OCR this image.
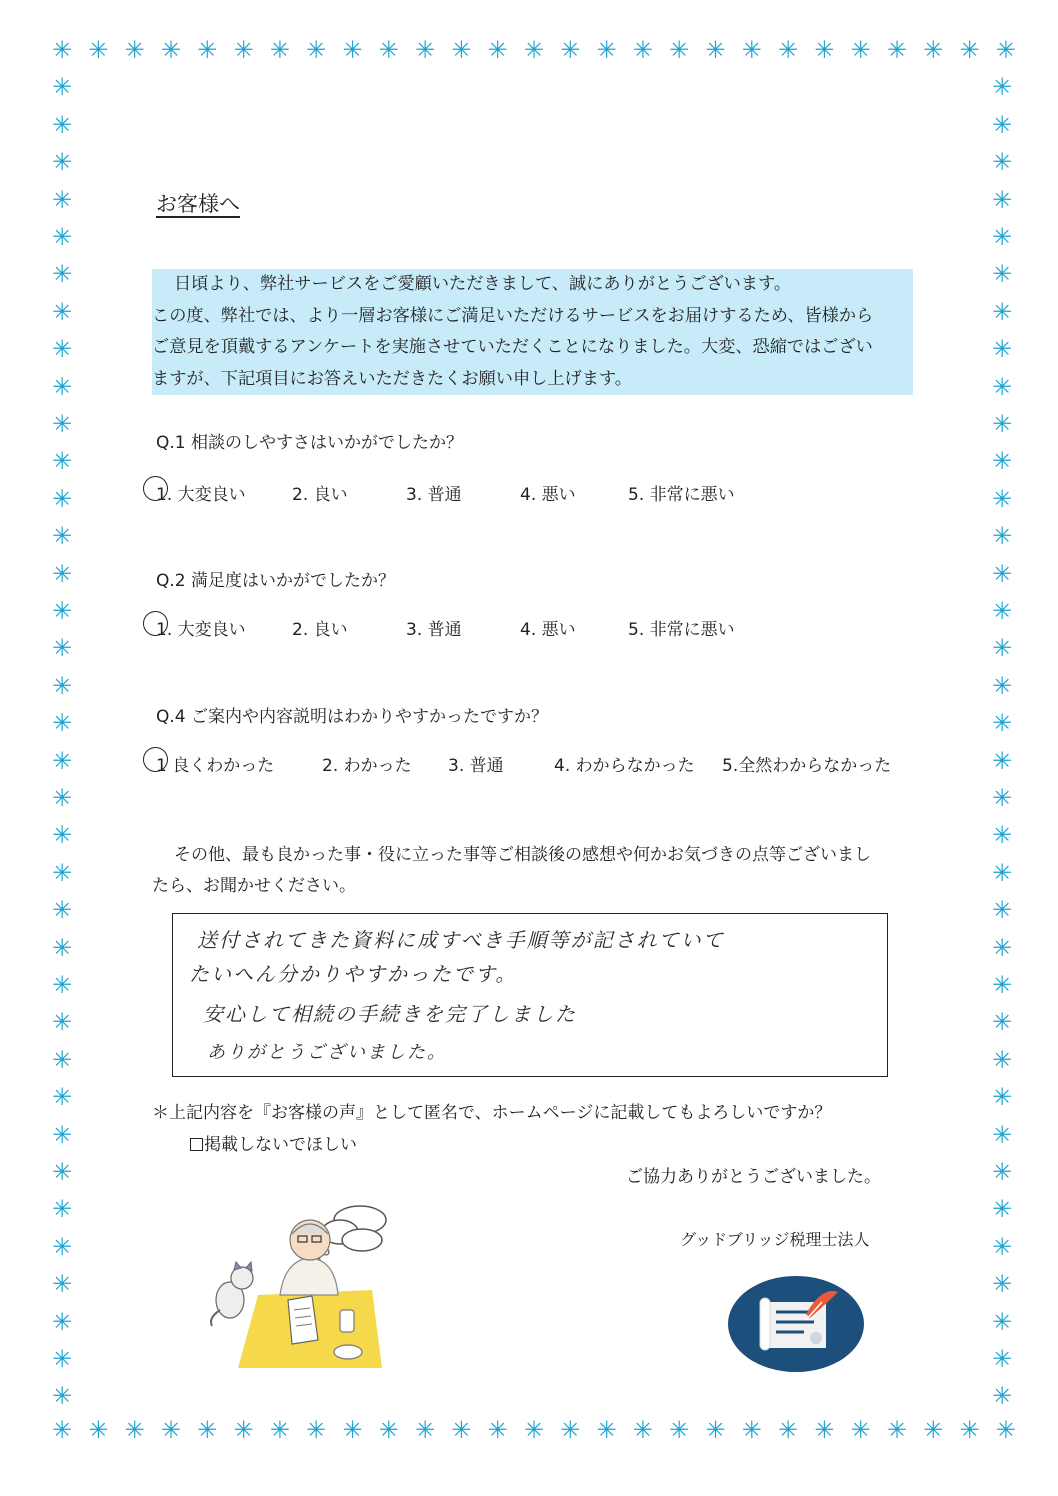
✳
✳
✳
✳
✳
✳
✳
✳
✳
✳
✳
✳
✳
✳
✳
✳
✳
✳
✳
✳
✳
✳
✳
✳
✳
✳
✳
✳
✳
✳
✳
✳
✳
✳
✳
✳
✳
✳
✳
✳
✳
✳
✳
✳
✳
✳
✳
✳
✳
✳
✳
✳
✳
✳
✳	✳
✳	✳
✳	✳
✳	✳
✳	✳
✳	✳
✳	✳
✳	✳
✳	✳
✳	✳
✳	✳
✳	✳
✳	✳
✳	✳
✳	✳
✳	✳
✳	✳
✳	✳
✳	✳
✳	✳
✳	✳
✳	✳
✳	✳
✳	✳
✳	✳
✳	✳
✳	✳
✳	✳
✳	✳
✳	✳
✳	✳
✳	✳
✳	✳
✳	✳
✳	✳
✳	✳
お客様へ

日頃より、弊社サービスをご愛顧いただきまして、誠にありがとうございます。

この度、弊社では、より一層お客様にご満足いただけるサービスをお届けするため、皆様から

ご意見を頂戴するアンケートを実施させていただくことになりました。大変、恐縮ではござい

ますが、下記項目にお答えいただきたくお願い申し上げます。

Q.1 相談のしやすさはいかがでしたか？
1. 大変良い	2. 良い	3. 普通	4. 悪い	5. 非常に悪い
Q.2 満足度はいかがでしたか？
1. 大変良い	2. 良い	3. 普通	4. 悪い	5. 非常に悪い
Q.4 ご案内や内容説明はわかりやすかったですか？
1 良くわかった	2. わかった 3. 普通	4. わからなかった 5.全然わからなかった
その他、最も良かった事・役に立った事等ご相談後の感想や何かお気づきの点等ございまし
たら、お聞かせください。
送付されてきた資料に成すべき手順等が記されていて
たいへん分かりやすかったです。
安心して相続の手続きを完了しました
ありがとうございました。
＊上記内容を『お客様の声』として匿名で、ホームページに記載してもよろしいですか？
掲載しないでほしい
ご協力ありがとうございました。
グッドブリッジ税理士法人
